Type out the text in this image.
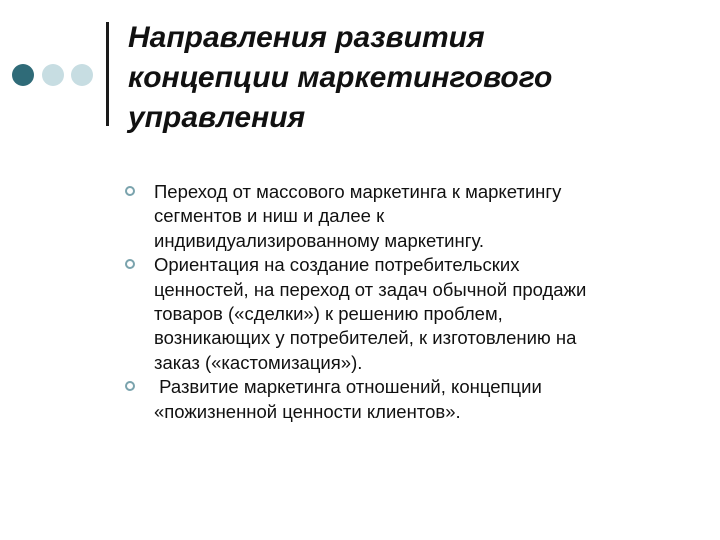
Направления развития
концепции маркетингового
управления
Переход от массового маркетинга к маркетингу
сегментов и ниш и далее к
индивидуализированному маркетингу.
Ориентация на создание потребительских
ценностей, на переход от задач обычной продажи
товаров («сделки») к решению проблем,
возникающих у потребителей, к изготовлению на
заказ («кастомизация»).
Развитие маркетинга отношений, концепции
«пожизненной ценности клиентов».
